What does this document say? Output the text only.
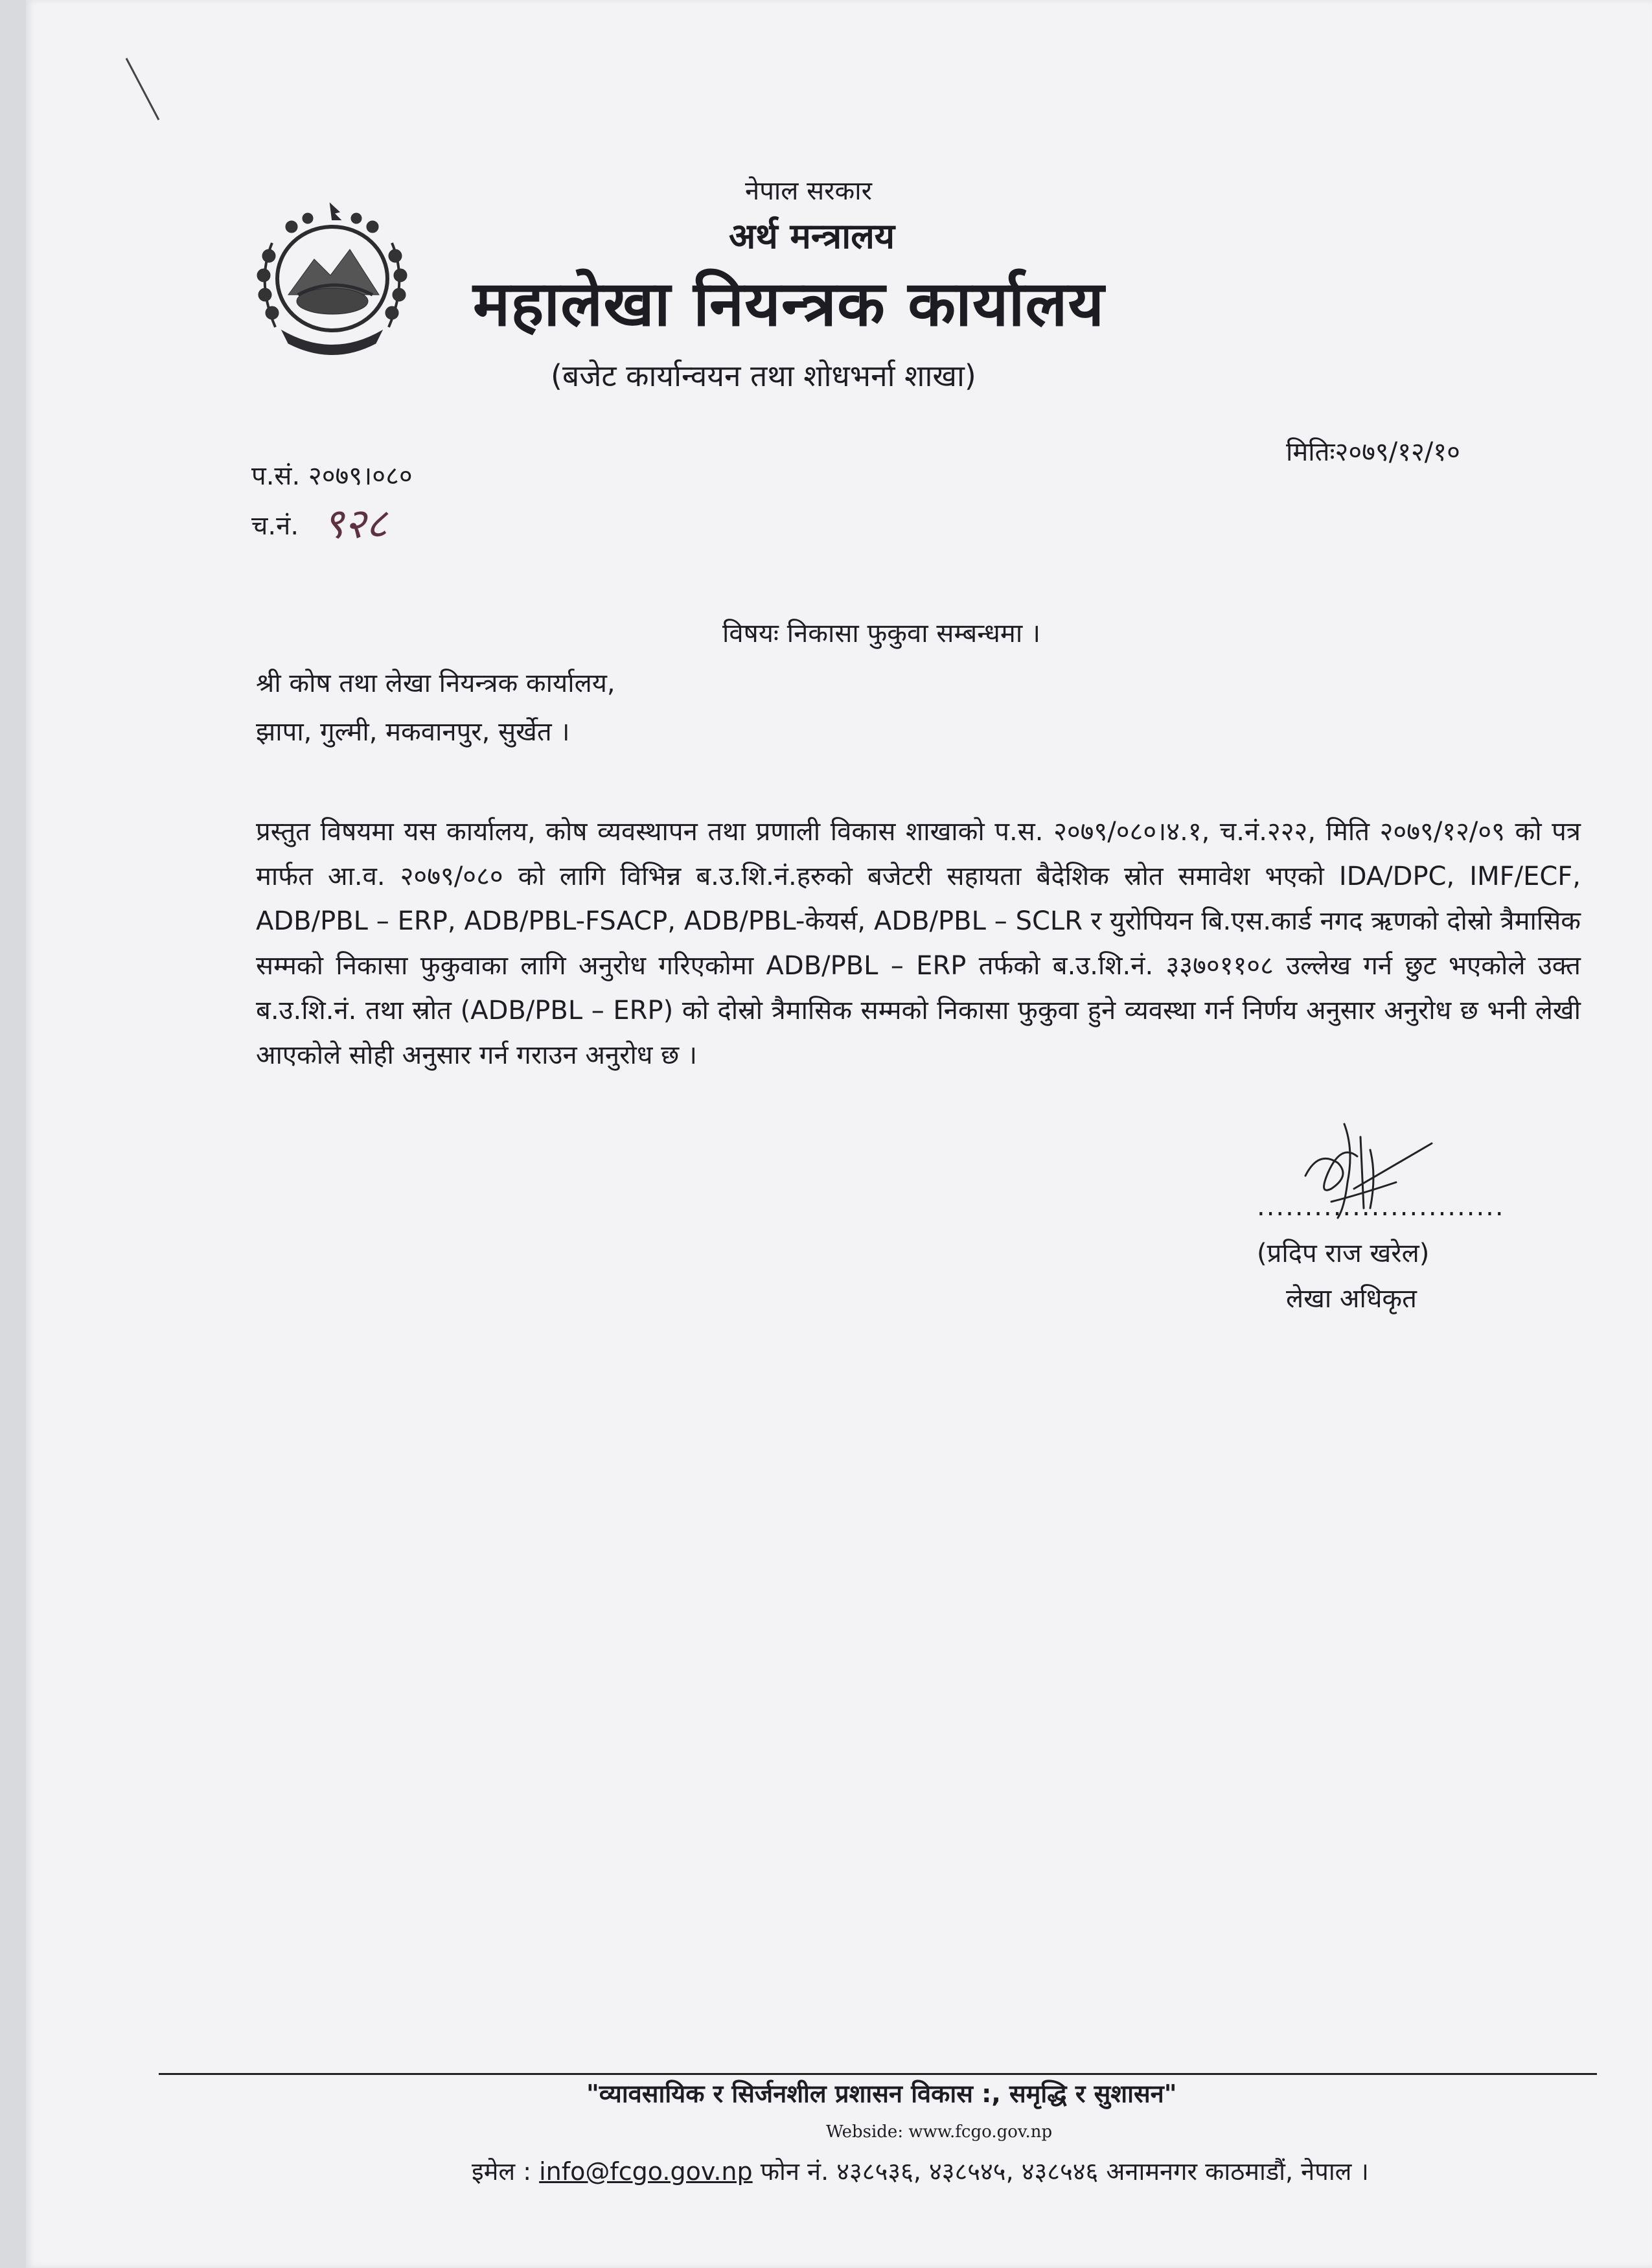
नेपाल सरकार
अर्थ मन्त्रालय
महालेखा नियन्त्रक कार्यालय
(बजेट कार्यान्वयन तथा शोधभर्ना शाखा)
मितिः२०७९/१२/१०
प.सं. २०७९।०८०
च.नं. ९२८
विषयः निकासा फुकुवा सम्बन्धमा ।
श्री कोष तथा लेखा नियन्त्रक कार्यालय,
झापा, गुल्मी, मकवानपुर, सुर्खेत ।
प्रस्तुत विषयमा यस कार्यालय, कोष व्यवस्थापन तथा प्रणाली विकास शाखाको प.स. २०७९/०८०।४.१, च.नं.२२२, मिति २०७९/१२/०९ को पत्र मार्फत आ.व. २०७९/०८० को लागि विभिन्न ब.उ.शि.नं.हरुको बजेटरी सहायता बैदेशिक स्रोत समावेश भएको IDA/DPC, IMF/ECF, ADB/PBL – ERP, ADB/PBL-FSACP, ADB/PBL-केयर्स, ADB/PBL – SCLR र युरोपियन बि.एस.कार्ड नगद ऋणको दोस्रो त्रैमासिक सम्मको निकासा फुकुवाका लागि अनुरोध गरिएकोमा ADB/PBL – ERP तर्फको ब.उ.शि.नं. ३३७०११०८ उल्लेख गर्न छुट भएकोले उक्त ब.उ.शि.नं. तथा स्रोत (ADB/PBL – ERP) को दोस्रो त्रैमासिक सम्मको निकासा फुकुवा हुने व्यवस्था गर्न निर्णय अनुसार अनुरोध छ भनी लेखी आएकोले सोही अनुसार गर्न गराउन अनुरोध छ ।
..........................
(प्रदिप राज खरेल)
लेखा अधिकृत
"व्यावसायिक र सिर्जनशील प्रशासन विकास :, समृद्धि र सुशासन"
Webside: www.fcgo.gov.np
इमेल : info@fcgo.gov.np फोन नं. ४३८५३६, ४३८५४५, ४३८५४६ अनामनगर काठमाडौं, नेपाल ।
